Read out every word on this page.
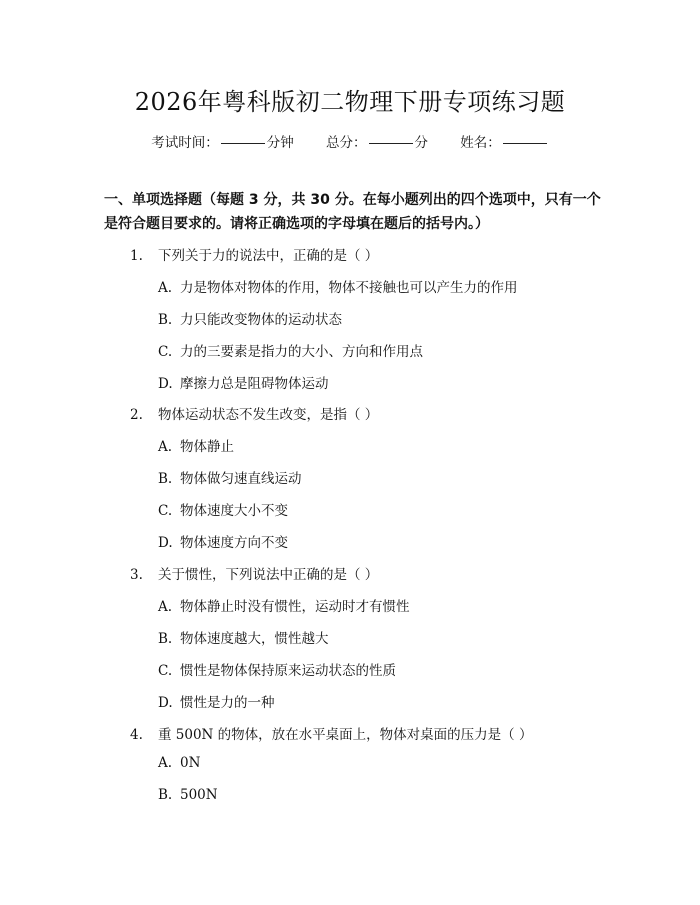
2026年粤科版初二物理下册专项练习题
考试时间：	分钟 总分：	分 姓名：
一、单项选择题（每题 3 分，共 30 分。在每小题列出的四个选项中，只有一个是符合题目要求的。请将正确选项的字母填在题后的括号内。）
1. 下列关于力的说法中，正确的是（ ）
A. 力是物体对物体的作用，物体不接触也可以产生力的作用
B. 力只能改变物体的运动状态
C. 力的三要素是指力的大小、方向和作用点
D. 摩擦力总是阻碍物体运动
2. 物体运动状态不发生改变，是指（ ）
A. 物体静止
B. 物体做匀速直线运动
C. 物体速度大小不变
D. 物体速度方向不变
3. 关于惯性，下列说法中正确的是（ ）
A. 物体静止时没有惯性，运动时才有惯性
B. 物体速度越大，惯性越大
C. 惯性是物体保持原来运动状态的性质
D. 惯性是力的一种
4. 重 500N 的物体，放在水平桌面上，物体对桌面的压力是（ ）
A. 0N
B. 500N
